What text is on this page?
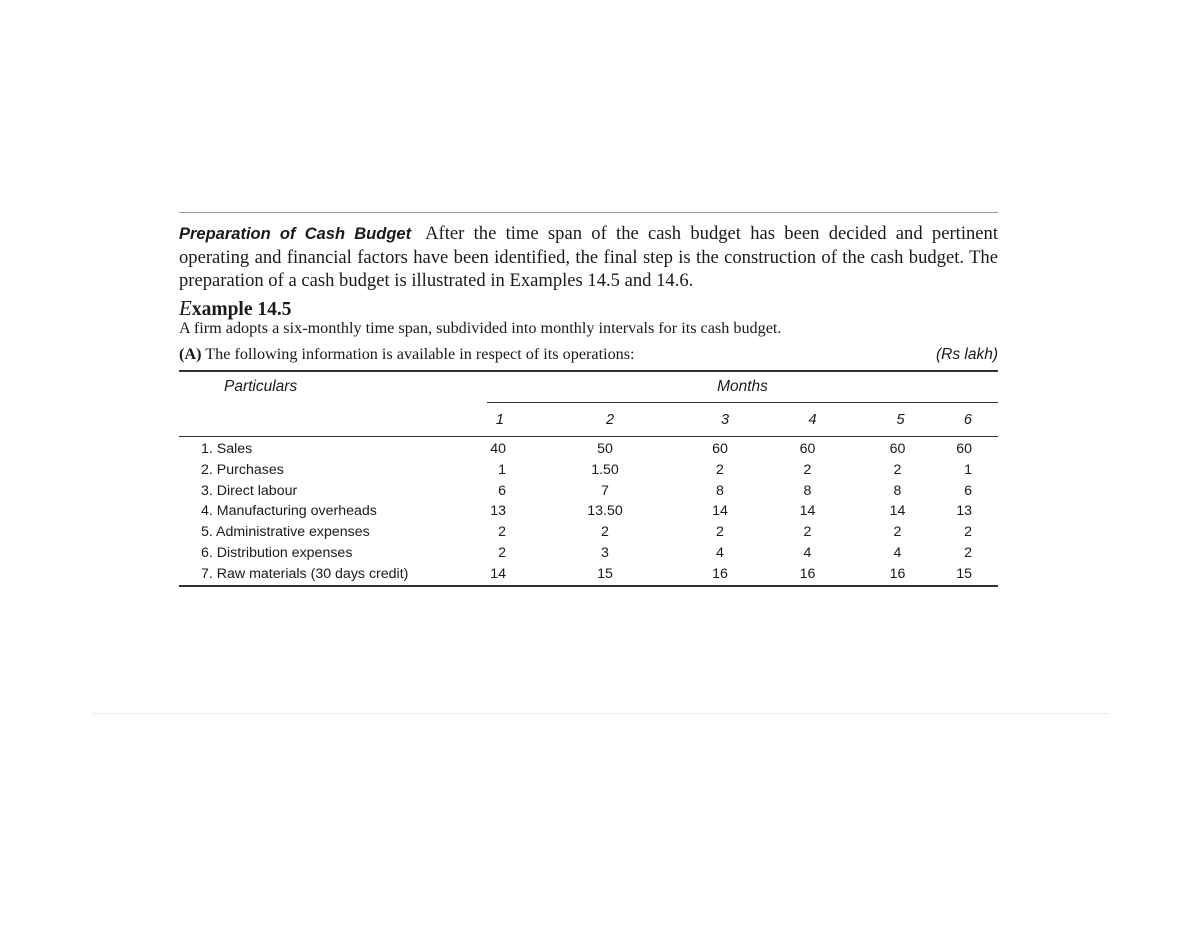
Preparation of Cash Budget After the time span of the cash budget has been decided and pertinent operating and financial factors have been identified, the final step is the construction of the cash budget. The preparation of a cash budget is illustrated in Examples 14.5 and 14.6.

Example 14.5
A firm adopts a six-monthly time span, subdivided into monthly intervals for its cash budget.
(A) The following information is available in respect of its operations:	(Rs lakh)
Particulars	Months					
	1	2	3	4	5	6
1. Sales	40	50	60	60	60	60
2. Purchases	1	1.50	2	2	2	1
3. Direct labour	6	7	8	8	8	6
4. Manufacturing overheads	13	13.50	14	14	14	13
5. Administrative expenses	2	2	2	2	2	2
6. Distribution expenses	2	3	4	4	4	2
7. Raw materials (30 days credit)	14	15	16	16	16	15
